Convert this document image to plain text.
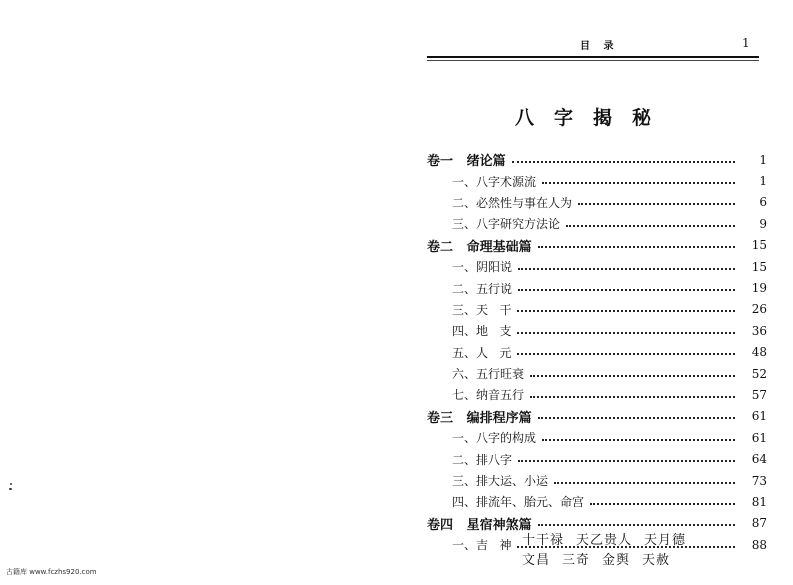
古籍库 www.fczhs920.com
目 录	1
八字揭秘
卷一   绪论篇	1
一、八字术源流	1
二、必然性与事在人为	6
三、八字研究方法论	9
卷二   命理基础篇	15
一、阴阳说	15
二、五行说	19
三、天   干	26
四、地   支	36
五、人   元	48
六、五行旺衰	52
七、纳音五行	57
卷三   编排程序篇	61
一、八字的构成	61
二、排八字	64
三、排大运、小运	73
四、排流年、胎元、命宫	81
卷四   星宿神煞篇	87
一、吉   神	88
十干禄 天乙贵人 天月德
文昌 三奇 金舆 天赦
